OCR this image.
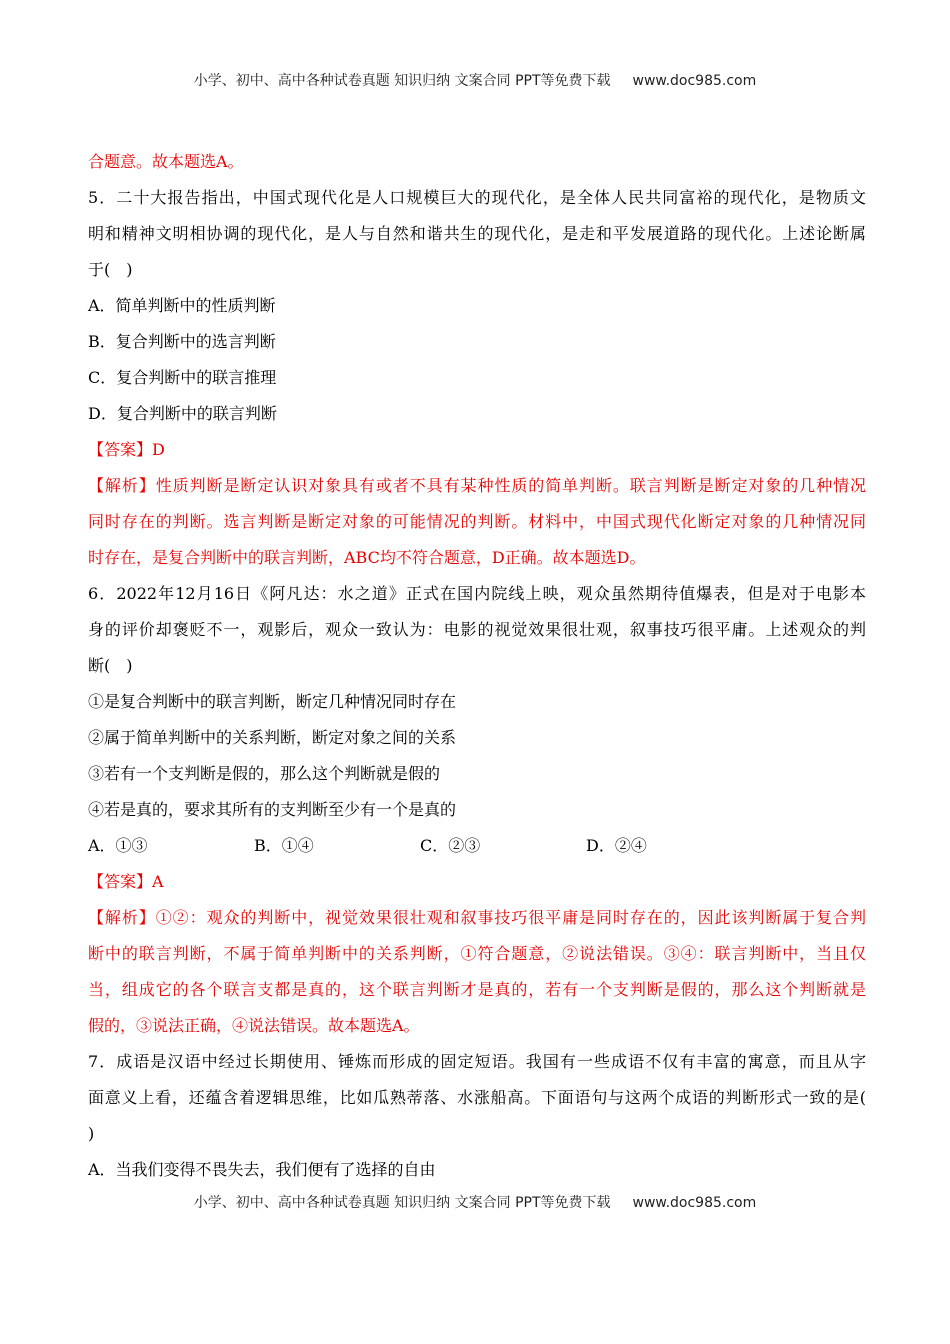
小学、初中、高中各种试卷真题 知识归纳 文案合同 PPT等免费下载 www.doc985.com
合题意。故本题选A。
5．二十大报告指出，中国式现代化是人口规模巨大的现代化，是全体人民共同富裕的现代化，是物质文
明和精神文明相协调的现代化，是人与自然和谐共生的现代化，是走和平发展道路的现代化。上述论断属
于(　)
A．简单判断中的性质判断
B．复合判断中的选言判断
C．复合判断中的联言推理
D．复合判断中的联言判断
【答案】D
【解析】性质判断是断定认识对象具有或者不具有某种性质的简单判断。联言判断是断定对象的几种情况
同时存在的判断。选言判断是断定对象的可能情况的判断。材料中，中国式现代化断定对象的几种情况同
时存在，是复合判断中的联言判断，ABC均不符合题意，D正确。故本题选D。
6．2022年12月16日《阿凡达：水之道》正式在国内院线上映，观众虽然期待值爆表，但是对于电影本
身的评价却褒贬不一，观影后，观众一致认为：电影的视觉效果很壮观，叙事技巧很平庸。上述观众的判
断(　)
①是复合判断中的联言判断，断定几种情况同时存在
②属于简单判断中的关系判断，断定对象之间的关系
③若有一个支判断是假的，那么这个判断就是假的
④若是真的，要求其所有的支判断至少有一个是真的
A．①③	B．①④	C．②③	D．②④
【答案】A
【解析】①②：观众的判断中，视觉效果很壮观和叙事技巧很平庸是同时存在的，因此该判断属于复合判
断中的联言判断，不属于简单判断中的关系判断，①符合题意，②说法错误。③④：联言判断中，当且仅
当，组成它的各个联言支都是真的，这个联言判断才是真的，若有一个支判断是假的，那么这个判断就是
假的，③说法正确，④说法错误。故本题选A。
7．成语是汉语中经过长期使用、锤炼而形成的固定短语。我国有一些成语不仅有丰富的寓意，而且从字
面意义上看，还蕴含着逻辑思维，比如瓜熟蒂落、水涨船高。下面语句与这两个成语的判断形式一致的是(
)
A．当我们变得不畏失去，我们便有了选择的自由
小学、初中、高中各种试卷真题 知识归纳 文案合同 PPT等免费下载 www.doc985.com
